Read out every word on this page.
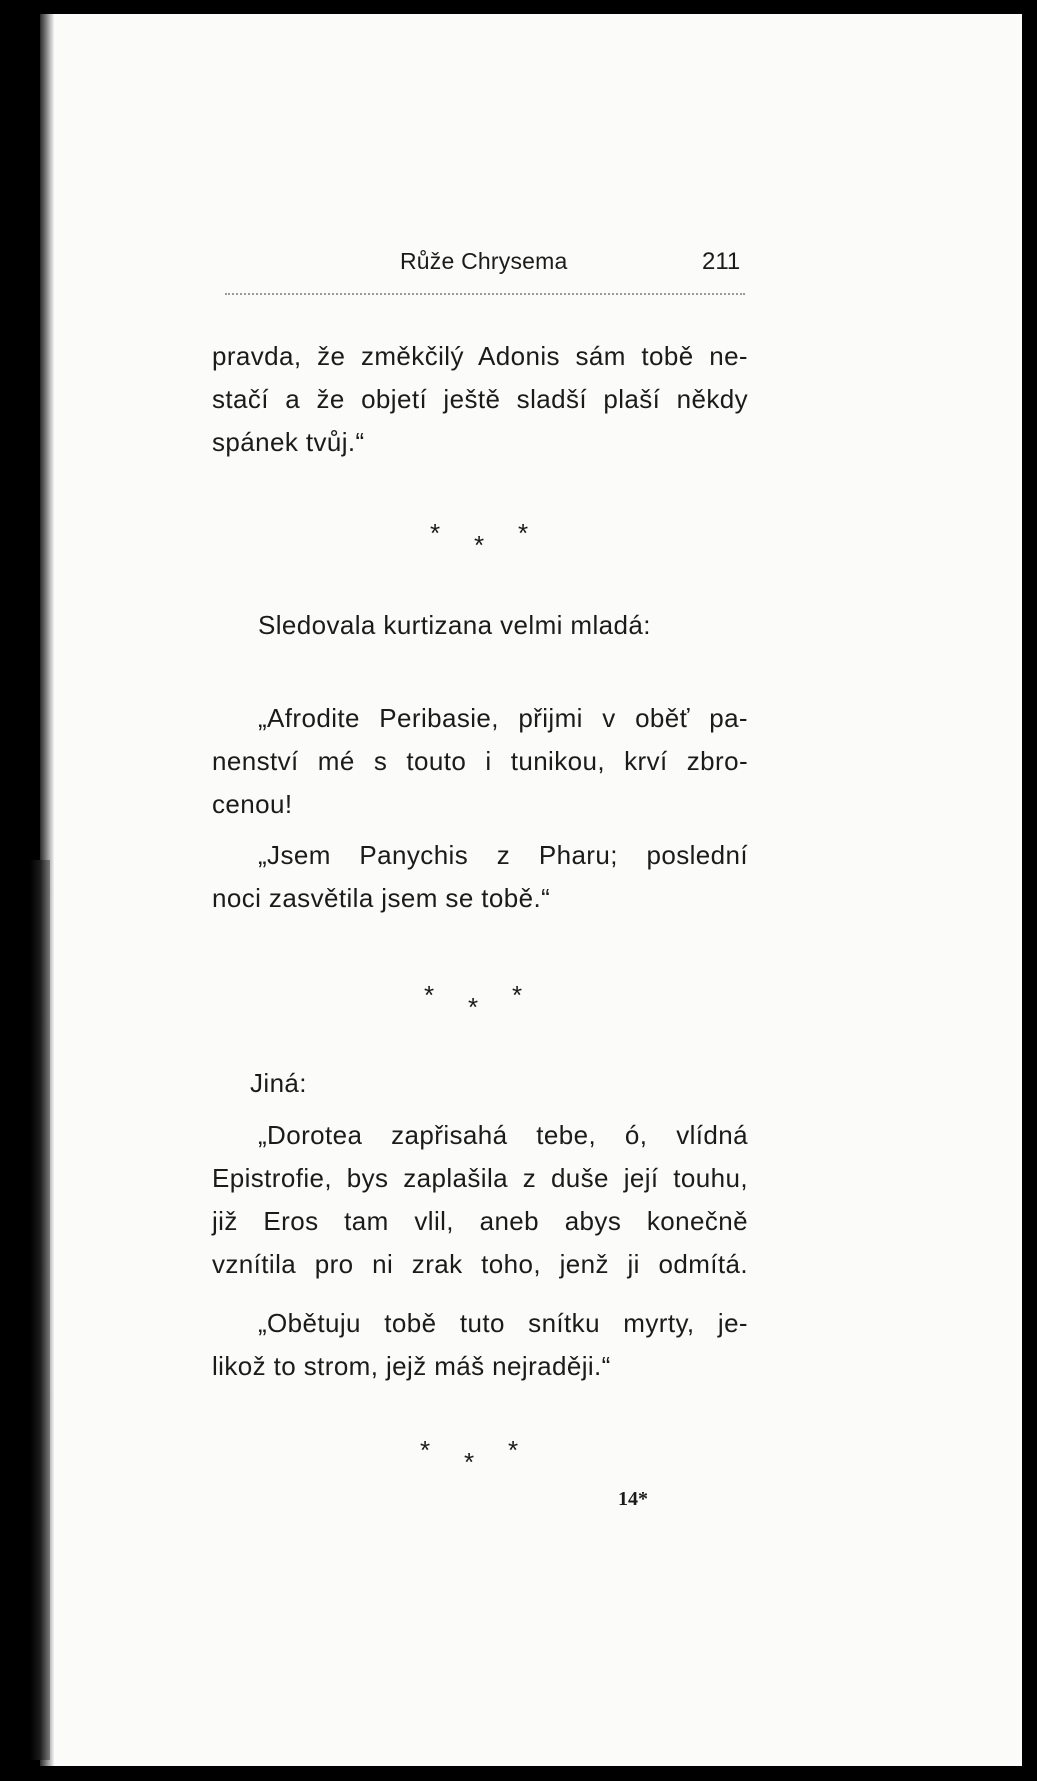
Růže Chrysema	211

pravda, že změkčilý Adonis sám tobě ne-
stačí a že objetí ještě sladší plaší někdy
spánek tvůj.“

* * *

Sledovala kurtizana velmi mladá:

„Afrodite Peribasie, přijmi v oběť pa-
nenství mé s touto i tunikou, krví zbro-
cenou!

„Jsem Panychis z Pharu; poslední
noci zasvětila jsem se tobě.“

* * *

Jiná:

„Dorotea zapřisahá tebe, ó, vlídná
Epistrofie, bys zaplašila z duše její touhu,
již Eros tam vlil, aneb abys konečně
vznítila pro ni zrak toho, jenž ji odmítá.

„Obětuju tobě tuto snítku myrty, je-
likož to strom, jejž máš nejraději.“

* * *
14*
